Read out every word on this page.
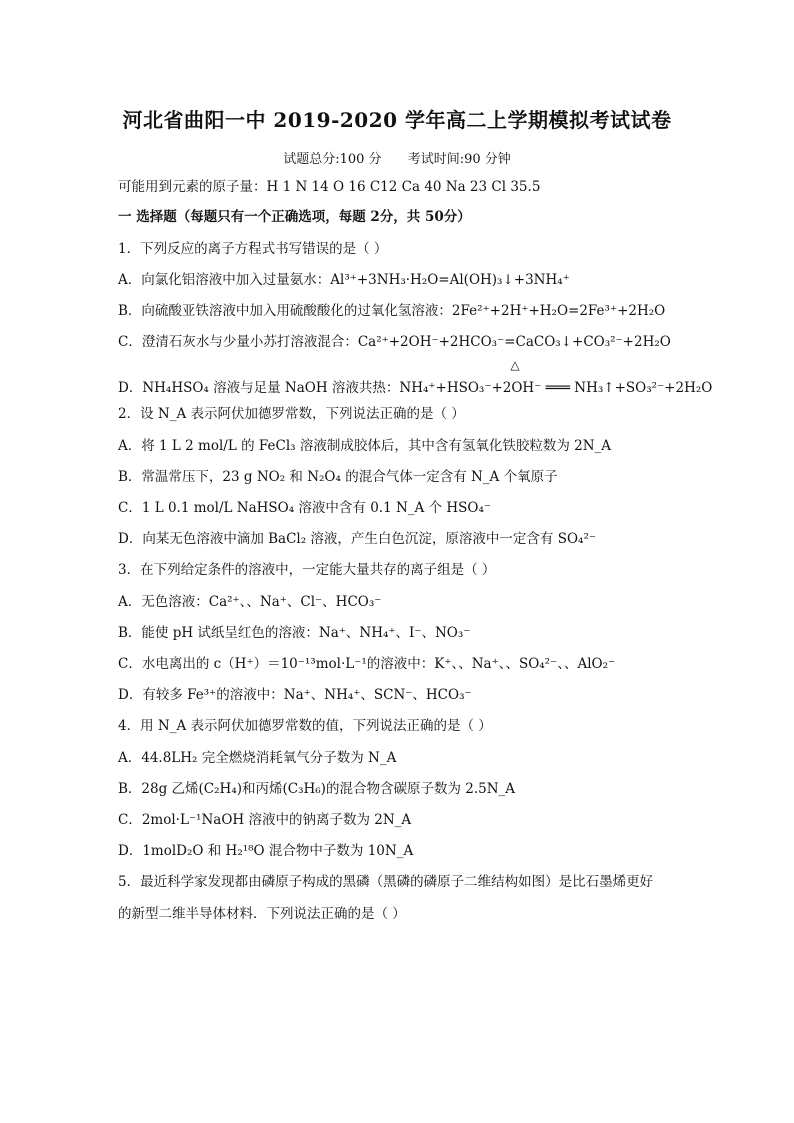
河北省曲阳一中 2019-2020 学年高二上学期模拟考试试卷
试题总分:100 分 考试时间:90 分钟
可能用到元素的原子量：H 1 N 14 O 16 C12 Ca 40 Na 23 Cl 35.5
一 选择题（每题只有一个正确选项，每题 2分，共 50分）
1．下列反应的离子方程式书写错误的是（ ）
A．向氯化铝溶液中加入过量氨水：Al³⁺+3NH₃·H₂O=Al(OH)₃↓+3NH₄⁺
B．向硫酸亚铁溶液中加入用硫酸酸化的过氧化氢溶液：2Fe²⁺+2H⁺+H₂O=2Fe³⁺+2H₂O
C．澄清石灰水与少量小苏打溶液混合：Ca²⁺+2OH⁻+2HCO₃⁻=CaCO₃↓+CO₃²⁻+2H₂O
△
D．NH₄HSO₄ 溶液与足量 NaOH 溶液共热：NH₄⁺+HSO₃⁻+2OH⁻ ═══ NH₃↑+SO₃²⁻+2H₂O
2．设 N_A 表示阿伏加德罗常数，下列说法正确的是（ ）
A．将 1 L 2 mol/L 的 FeCl₃ 溶液制成胶体后，其中含有氢氧化铁胶粒数为 2N_A
B．常温常压下，23 g NO₂ 和 N₂O₄ 的混合气体一定含有 N_A 个氧原子
C．1 L 0.1 mol/L NaHSO₄ 溶液中含有 0.1 N_A 个 HSO₄⁻
D．向某无色溶液中滴加 BaCl₂ 溶液，产生白色沉淀，原溶液中一定含有 SO₄²⁻
3．在下列给定条件的溶液中，一定能大量共存的离子组是（ ）
A．无色溶液：Ca²⁺、、Na⁺、Cl⁻、HCO₃⁻
B．能使 pH 试纸呈红色的溶液：Na⁺、NH₄⁺、I⁻、NO₃⁻
C．水电离出的 c（H⁺）＝10⁻¹³mol·L⁻¹的溶液中：K⁺、、Na⁺、、SO₄²⁻、、AlO₂⁻
D．有较多 Fe³⁺的溶液中：Na⁺、NH₄⁺、SCN⁻、HCO₃⁻
4．用 N_A 表示阿伏加德罗常数的值，下列说法正确的是（ ）
A．44.8LH₂ 完全燃烧消耗氧气分子数为 N_A
B．28g 乙烯(C₂H₄)和丙烯(C₃H₆)的混合物含碳原子数为 2.5N_A
C．2mol·L⁻¹NaOH 溶液中的钠离子数为 2N_A
D．1molD₂O 和 H₂¹⁸O 混合物中子数为 10N_A
5．最近科学家发现都由磷原子构成的黑磷（黑磷的磷原子二维结构如图）是比石墨烯更好
的新型二维半导体材料．下列说法正确的是（ ）
